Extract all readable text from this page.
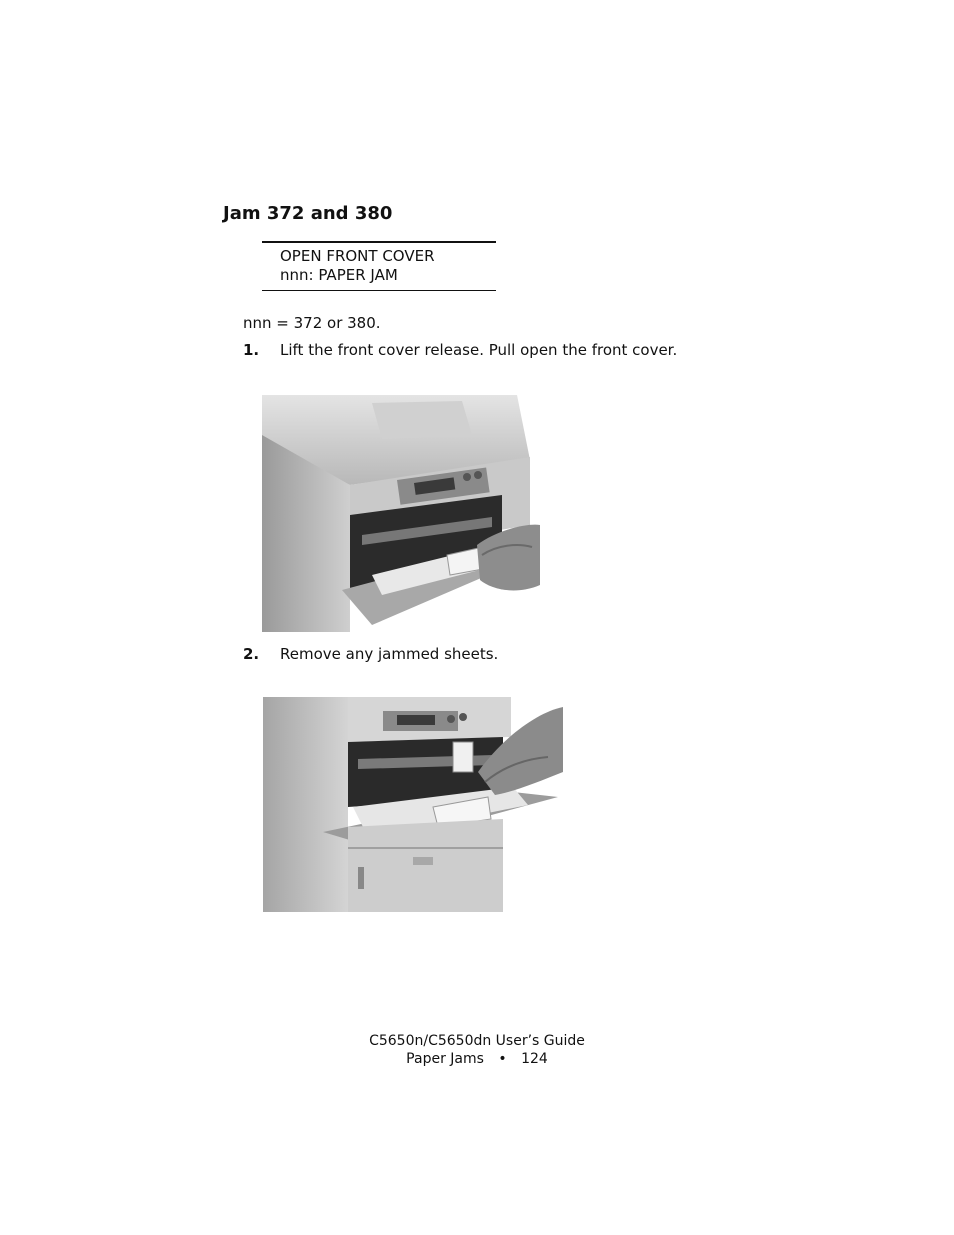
Jam 372 and 380
OPEN FRONT COVER
nnn: PAPER JAM
nnn = 372 or 380.
1. Lift the front cover release. Pull open the front cover.
2. Remove any jammed sheets.
C5650n/C5650dn User’s Guide
Paper Jams • 124
